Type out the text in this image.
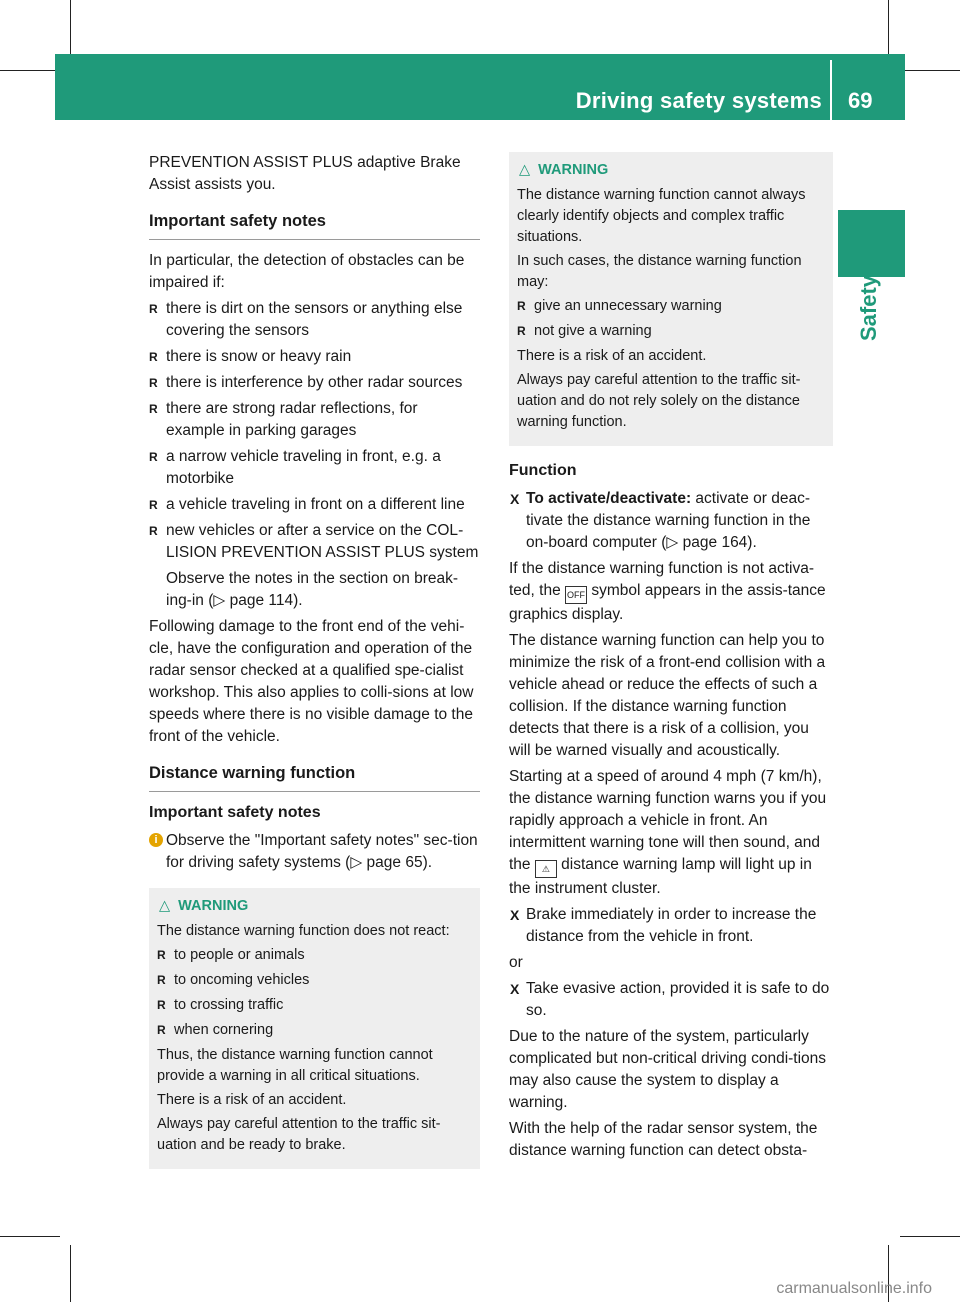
Driving safety systems 69
Safety

PREVENTION ASSIST PLUS adaptive Brake Assist assists you.

Important safety notes

In particular, the detection of obstacles can be impaired if:

R there is dirt on the sensors or anything else covering the sensors
R there is snow or heavy rain
R there is interference by other radar sources
R there are strong radar reflections, for example in parking garages
R a narrow vehicle traveling in front, e.g. a motorbike
R a vehicle traveling in front on a different line
R new vehicles or after a service on the COLLISION PREVENTION ASSIST PLUS system

Observe the notes in the section on break-ing-in (▷ page 114).

Following damage to the front end of the vehi-cle, have the configuration and operation of the radar sensor checked at a qualified spe-cialist workshop. This also applies to colli-sions at low speeds where there is no visible damage to the front of the vehicle.

Distance warning function
Important safety notes
i Observe the "Important safety notes" sec-tion for driving safety systems (▷ page 65).
△ WARNING

The distance warning function does not react:

R to people or animals
R to oncoming vehicles
R to crossing traffic
R when cornering

Thus, the distance warning function cannot provide a warning in all critical situations.

There is a risk of an accident.

Always pay careful attention to the traffic sit-uation and be ready to brake.

△ WARNING

The distance warning function cannot always clearly identify objects and complex traffic situations.

In such cases, the distance warning function may:

R give an unnecessary warning
R not give a warning

There is a risk of an accident.

Always pay careful attention to the traffic sit-uation and do not rely solely on the distance warning function.

Function

X To activate/deactivate: activate or deac-tivate the distance warning function in the on-board computer (▷ page 164).

If the distance warning function is not activa-ted, the OFF symbol appears in the assis-tance graphics display.

The distance warning function can help you to minimize the risk of a front-end collision with a vehicle ahead or reduce the effects of such a collision. If the distance warning function detects that there is a risk of a collision, you will be warned visually and acoustically.

Starting at a speed of around 4 mph (7 km/h), the distance warning function warns you if you rapidly approach a vehicle in front. An intermittent warning tone will then sound, and the ⚠ distance warning lamp will light up in the instrument cluster.

X Brake immediately in order to increase the distance from the vehicle in front.

or

X Take evasive action, provided it is safe to do so.

Due to the nature of the system, particularly complicated but non-critical driving condi-tions may also cause the system to display a warning.

With the help of the radar sensor system, the distance warning function can detect obsta-

carmanualsonline.info
